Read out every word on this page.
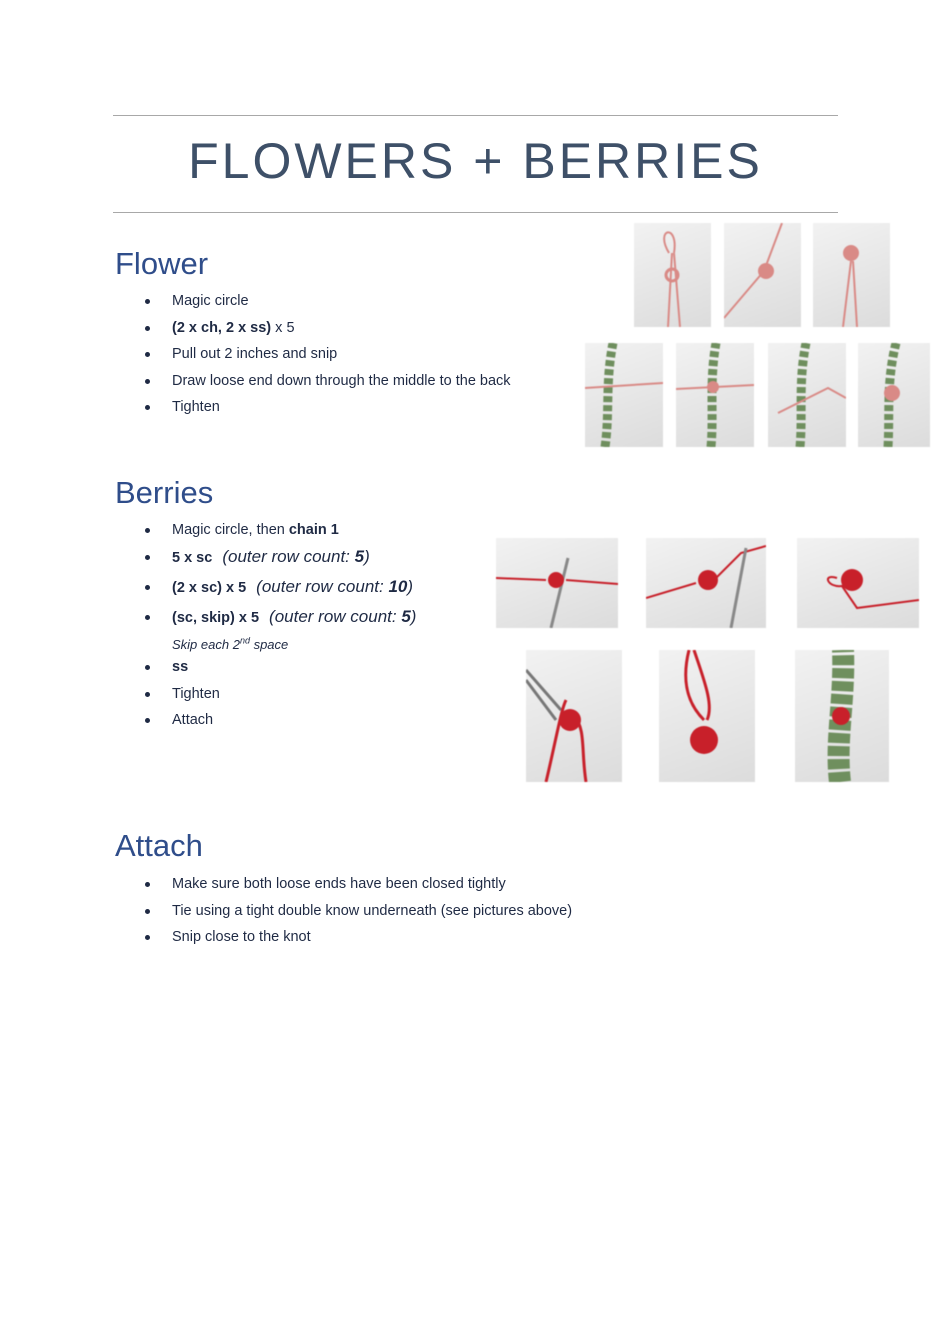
FLOWERS + BERRIES
Flower
Magic circle
(2 x ch, 2 x ss) x 5
Pull out 2 inches and snip
Draw loose end down through the middle to the back
Tighten
Berries
Magic circle, then chain 1
5 x sc (outer row count: 5)
(2 x sc) x 5 (outer row count: 10)
(sc, skip) x 5 (outer row count: 5)
Skip each 2nd space
ss
Tighten
Attach
Attach
Make sure both loose ends have been closed tightly
Tie using a tight double know underneath (see pictures above)
Snip close to the knot
